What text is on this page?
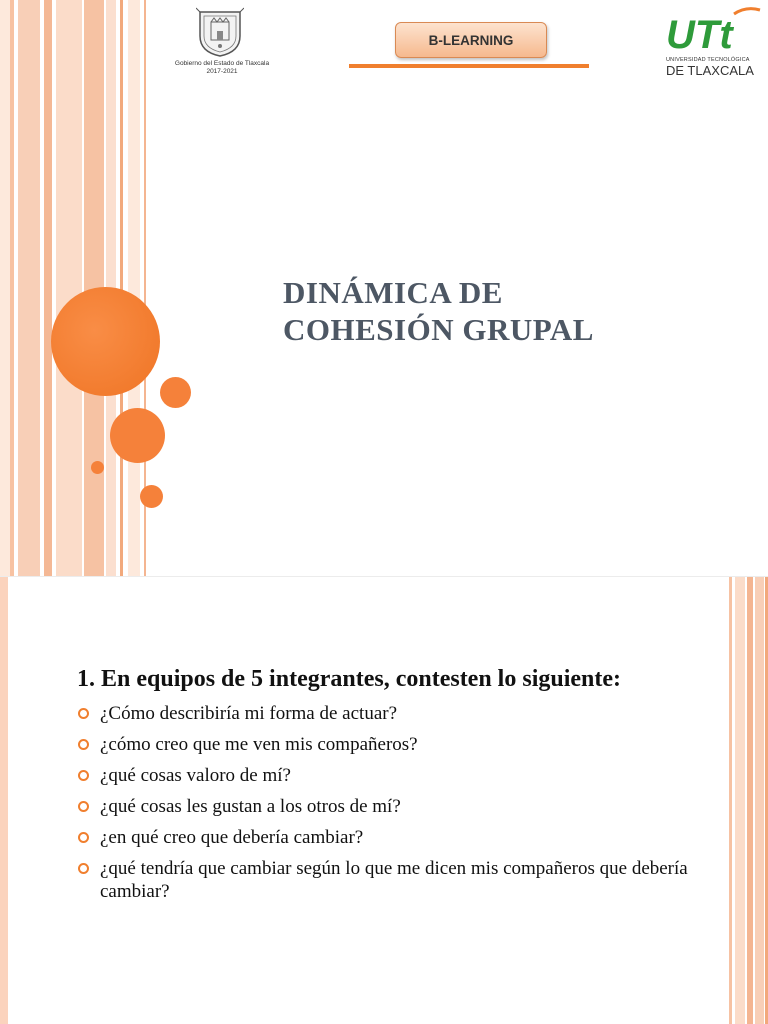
Gobierno del Estado de Tlaxcala
2017-2021
B-LEARNING	UTt
UNIVERSIDAD TECNOLÓGICA
DE TLAXCALA
DINÁMICA DE
COHESIÓN GRUPAL
1. En equipos de 5 integrantes, contesten lo siguiente:
¿Cómo describiría mi forma de actuar?
¿cómo creo que me ven mis compañeros?
¿qué cosas valoro de mí?
¿qué cosas les gustan a los otros de mí?
¿en qué creo que debería cambiar?
¿qué tendría que cambiar según lo que me dicen mis compañeros que debería cambiar?
